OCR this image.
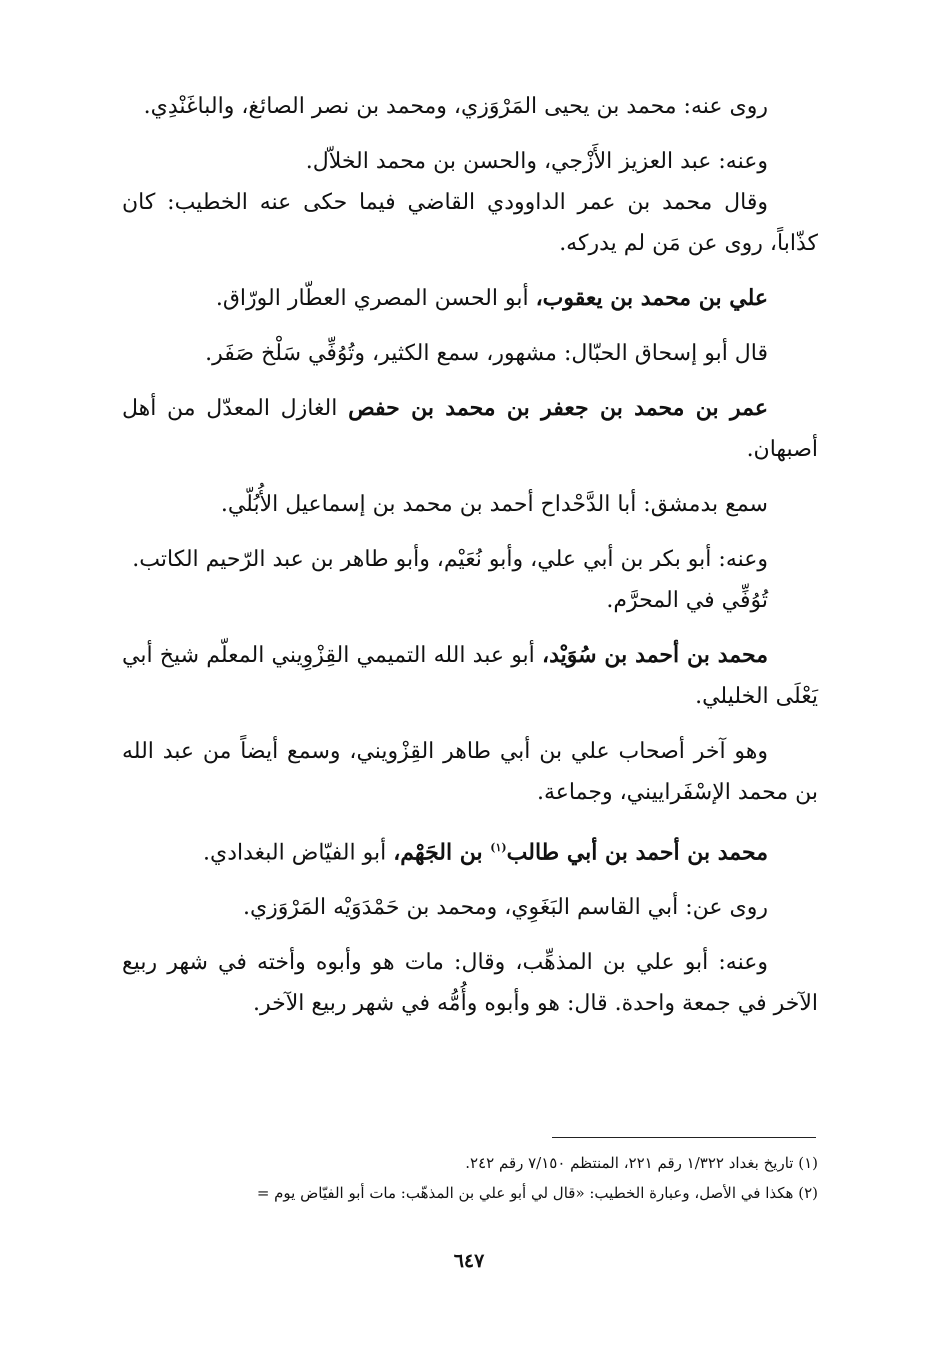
روى عنه: محمد بن يحيى المَرْوَزي، ومحمد بن نصر الصائغ، والباغَنْدِي.

وعنه: عبد العزيز الأَزْجي، والحسن بن محمد الخلاّل.

وقال محمد بن عمر الداوودي القاضي فيما حكى عنه الخطيب: كان كذّاباً، روى عن مَن لم يدركه.

علي بن محمد بن يعقوب، أبو الحسن المصري العطّار الورّاق.

قال أبو إسحاق الحبّال: مشهور، سمع الكثير، وتُوُفِّي سَلْخ صَفَر.

عمر بن محمد بن جعفر بن محمد بن حفص الغازل المعدّل من أهل أصبهان.

سمع بدمشق: أبا الدَّحْداح أحمد بن محمد بن إسماعيل الأُبُلّي.

وعنه: أبو بكر بن أبي علي، وأبو نُعَيْم، وأبو طاهر بن عبد الرّحيم الكاتب.

تُوُفِّي في المحرَّم.

محمد بن أحمد بن سُوَيْد، أبو عبد الله التميمي القِزْوِيني المعلّم شيخ أبي يَعْلَى الخليلي.

وهو آخر أصحاب علي بن أبي طاهر القِزْويني، وسمع أيضاً من عبد الله بن محمد الإسْفَراييني، وجماعة.

محمد بن أحمد بن أبي طالب$^{(١)}$ بن الجَهْم، أبو الفيّاض البغدادي.

روى عن: أبي القاسم البَغَوِي، ومحمد بن حَمْدَوَيْه المَرْوَزي.

وعنه: أبو علي بن المذهِّب، وقال: مات هو وأبوه وأخته في شهر ربيع الآخر في جمعة واحدة. قال: هو وأبوه وأُمُّه في شهر ربيع الآخر.

(١) تاريخ بغداد ١/٣٢٢ رقم ٢٢١، المنتظم ٧/١٥٠ رقم ٢٤٢.

(٢) هكذا في الأصل، وعبارة الخطيب: «قال لي أبو علي بن المذهّب: مات أبو الفيّاض يوم =

٦٤٧
